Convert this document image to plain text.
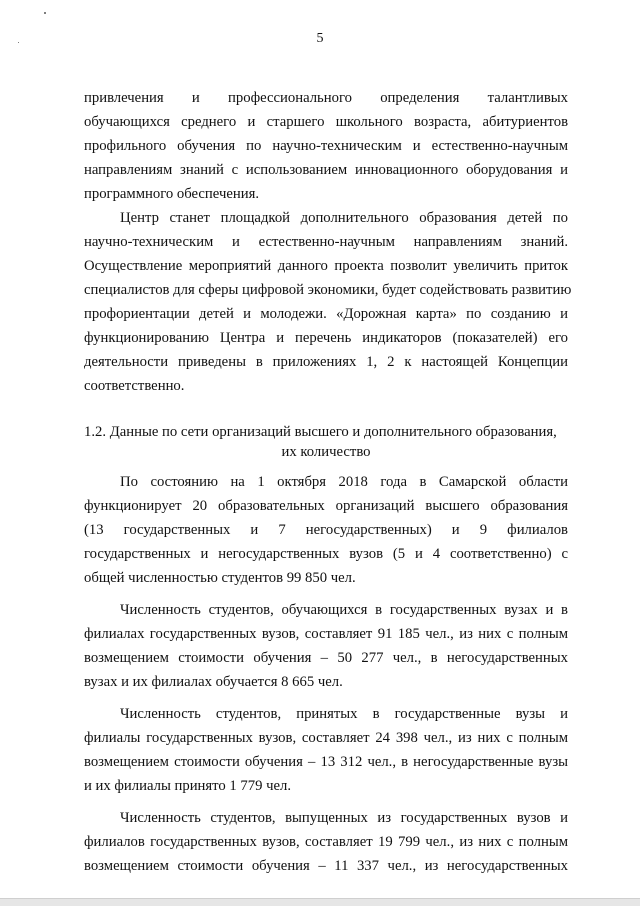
5
привлечения и профессионального определения талантливых
обучающихся среднего и старшего школьного возраста, абитуриентов
профильного обучения по научно-техническим и естественно-научным
направлениям знаний с использованием инновационного оборудования и
программного обеспечения.
Центр станет площадкой дополнительного образования детей по
научно-техническим и естественно-научным направлениям знаний.
Осуществление мероприятий данного проекта позволит увеличить приток
специалистов для сферы цифровой экономики, будет содействовать развитию
профориентации детей и молодежи. «Дорожная карта» по созданию и
функционированию Центра и перечень индикаторов (показателей) его
деятельности приведены в приложениях 1, 2 к настоящей Концепции
соответственно.
1.2. Данные по сети организаций высшего и дополнительного образования,
их количество
По состоянию на 1 октября 2018 года в Самарской области
функционирует 20 образовательных организаций высшего образования
(13 государственных и 7 негосударственных) и 9 филиалов
государственных и негосударственных вузов (5 и 4 соответственно) с
общей численностью студентов 99 850 чел.
Численность студентов, обучающихся в государственных вузах и в
филиалах государственных вузов, составляет 91 185 чел., из них с полным
возмещением стоимости обучения – 50 277 чел., в негосударственных
вузах и их филиалах обучается 8 665 чел.
Численность студентов, принятых в государственные вузы и
филиалы государственных вузов, составляет 24 398 чел., из них с полным
возмещением стоимости обучения – 13 312 чел., в негосударственные вузы
и их филиалы принято 1 779 чел.
Численность студентов, выпущенных из государственных вузов и
филиалов государственных вузов, составляет 19 799 чел., из них с полным
возмещением стоимости обучения – 11 337 чел., из негосударственных
